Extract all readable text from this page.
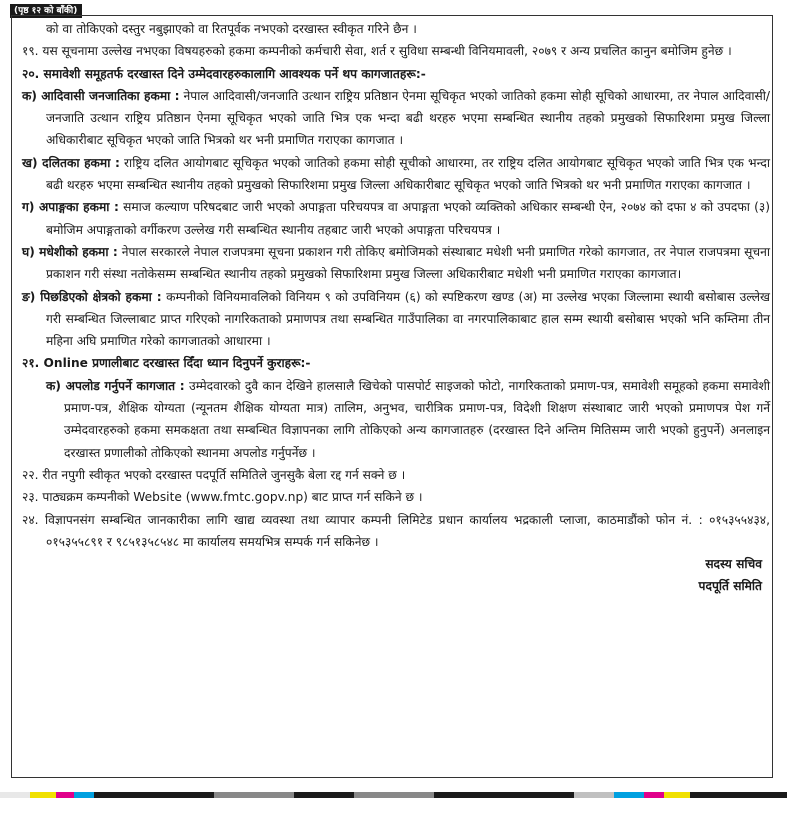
(पृष्ठ १२ को बाँकी)

को वा तोकिएको दस्तुर नबुझाएको वा रितपूर्वक नभएको दरखास्त स्वीकृत गरिने छैन ।

१९. यस सूचनामा उल्लेख नभएका विषयहरुको हकमा कम्पनीको कर्मचारी सेवा, शर्त र सुविधा सम्बन्धी विनियमावली, २०७९ र अन्य प्रचलित कानुन बमोजिम हुनेछ ।

२०. समावेशी समूहतर्फ दरखास्त दिने उम्मेदवारहरुकालागि आवश्यक पर्ने थप कागजातहरू:-

क) आदिवासी जनजातिका हकमा : नेपाल आदिवासी/जनजाति उत्थान राष्ट्रिय प्रतिष्ठान ऐनमा सूचिकृत भएको जातिको हकमा सोही सूचिको आधारमा, तर नेपाल आदिवासी/जनजाति उत्थान राष्ट्रिय प्रतिष्ठान ऐनमा सूचिकृत भएको जाति भित्र एक भन्दा बढी थरहरु भएमा सम्बन्धित स्थानीय तहको प्रमुखको सिफारिशमा प्रमुख जिल्ला अधिकारीबाट सूचिकृत भएको जाति भित्रको थर भनी प्रमाणित गराएका कागजात ।

ख) दलितका हकमा : राष्ट्रिय दलित आयोगबाट सूचिकृत भएको जातिको हकमा सोही सूचीको आधारमा, तर राष्ट्रिय दलित आयोगबाट सूचिकृत भएको जाति भित्र एक भन्दा बढी थरहरु भएमा सम्बन्धित स्थानीय तहको प्रमुखको सिफारिशमा प्रमुख जिल्ला अधिकारीबाट सूचिकृत भएको जाति भित्रको थर भनी प्रमाणित गराएका कागजात ।

ग) अपाङ्गका हकमा : समाज कल्याण परिषदबाट जारी भएको अपाङ्गता परिचयपत्र वा अपाङ्गता भएको व्यक्तिको अधिकार सम्बन्धी ऐन, २०७४ को दफा ४ को उपदफा (३) बमोजिम अपाङ्गताको वर्गीकरण उल्लेख गरी सम्बन्धित स्थानीय तहबाट जारी भएको अपाङ्गता परिचयपत्र ।

घ) मधेशीको हकमा : नेपाल सरकारले नेपाल राजपत्रमा सूचना प्रकाशन गरी तोकिए बमोजिमको संस्थाबाट मधेशी भनी प्रमाणित गरेको कागजात, तर नेपाल राजपत्रमा सूचना प्रकाशन गरी संस्था नतोकेसम्म सम्बन्धित स्थानीय तहको प्रमुखको सिफारिशमा प्रमुख जिल्ला अधिकारीबाट मधेशी भनी प्रमाणित गराएका कागजात।

ङ) पिछडिएको क्षेत्रको हकमा : कम्पनीको विनियमावलिको विनियम ९ को उपविनियम (६) को स्पष्टिकरण खण्ड (अ) मा उल्लेख भएका जिल्लामा स्थायी बसोबास उल्लेख गरी सम्बन्धित जिल्लाबाट प्राप्त गरिएको नागरिकताको प्रमाणपत्र तथा सम्बन्धित गाउँपालिका वा नगरपालिकाबाट हाल सम्म स्थायी बसोबास भएको भनि कम्तिमा तीन महिना अघि प्रमाणित गरेको कागजातको आधारमा ।

२१. Online प्रणालीबाट दरखास्त दिँदा ध्यान दिनुपर्ने कुराहरू:-

क) अपलोड गर्नुपर्ने कागजात : उम्मेदवारको दुवै कान देखिने हालसालै खिचेको पासपोर्ट साइजको फोटो, नागरिकताको प्रमाण-पत्र, समावेशी समूहको हकमा समावेशी प्रमाण-पत्र, शैक्षिक योग्यता (न्यूनतम शैक्षिक योग्यता मात्र) तालिम, अनुभव, चारीत्रिक प्रमाण-पत्र, विदेशी शिक्षण संस्थाबाट जारी भएको प्रमाणपत्र पेश गर्ने उम्मेदवारहरुको हकमा समकक्षता तथा सम्बन्धित विज्ञापनका लागि तोकिएको अन्य कागजातहरु (दरखास्त दिने अन्तिम मितिसम्म जारी भएको हुनुपर्ने) अनलाइन दरखास्त प्रणालीको तोकिएको स्थानमा अपलोड गर्नुपर्नेछ ।

२२. रीत नपुगी स्वीकृत भएको दरखास्त पदपूर्ति समितिले जुनसुकै बेला रद्द गर्न सक्ने छ ।

२३. पाठ्यक्रम कम्पनीको Website (www.fmtc.gopv.np) बाट प्राप्त गर्न सकिने छ ।

२४. विज्ञापनसंग सम्बन्धित जानकारीका लागि खाद्य व्यवस्था तथा व्यापार कम्पनी लिमिटेड प्रधान कार्यालय भद्रकाली प्लाजा, काठमाडौंको फोन नं. : ०१५३५५४३४, ०१५३५५८९१ र ९८५१३५८५४८ मा कार्यालय समयभित्र सम्पर्क गर्न सकिनेछ ।

सदस्य सचिव

पदपूर्ति समिति
